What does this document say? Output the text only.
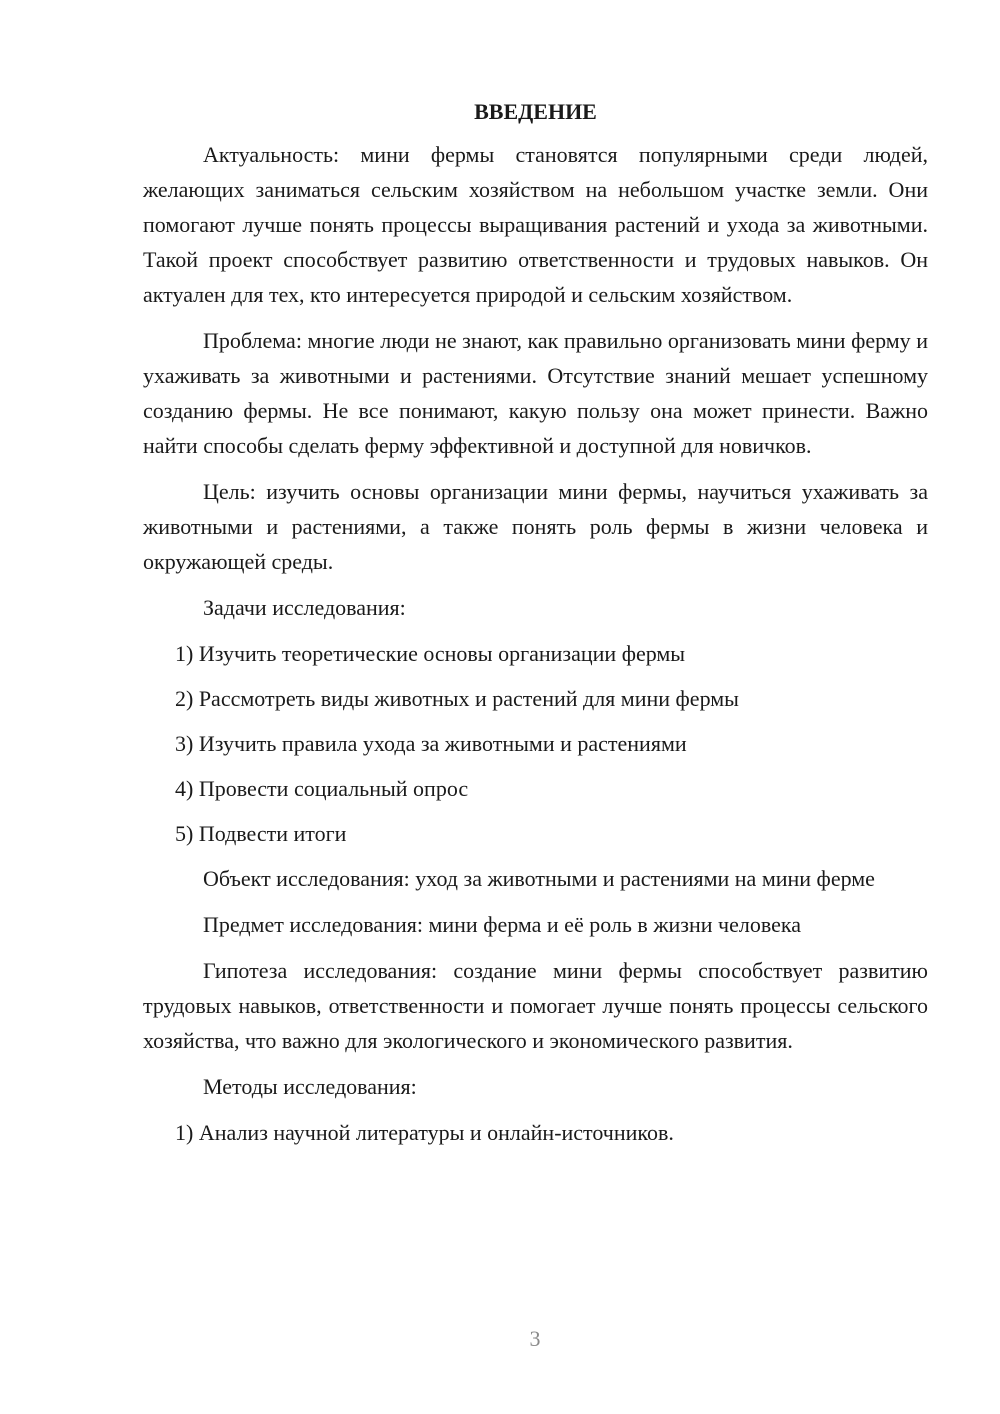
ВВЕДЕНИЕ
Актуальность: мини фермы становятся популярными среди людей, желающих заниматься сельским хозяйством на небольшом участке земли. Они помогают лучше понять процессы выращивания растений и ухода за животными. Такой проект способствует развитию ответственности и трудовых навыков. Он актуален для тех, кто интересуется природой и сельским хозяйством.
Проблема: многие люди не знают, как правильно организовать мини ферму и ухаживать за животными и растениями. Отсутствие знаний мешает успешному созданию фермы. Не все понимают, какую пользу она может принести. Важно найти способы сделать ферму эффективной и доступной для новичков.
Цель: изучить основы организации мини фермы, научиться ухаживать за животными и растениями, а также понять роль фермы в жизни человека и окружающей среды.
Задачи исследования:
1) Изучить теоретические основы организации фермы
2) Рассмотреть виды животных и растений для мини фермы
3) Изучить правила ухода за животными и растениями
4) Провести социальный опрос
5) Подвести итоги
Объект исследования: уход за животными и растениями на мини ферме
Предмет исследования: мини ферма и её роль в жизни человека
Гипотеза исследования: создание мини фермы способствует развитию трудовых навыков, ответственности и помогает лучше понять процессы сельского хозяйства, что важно для экологического и экономического развития.
Методы исследования:
1) Анализ научной литературы и онлайн-источников.
3
